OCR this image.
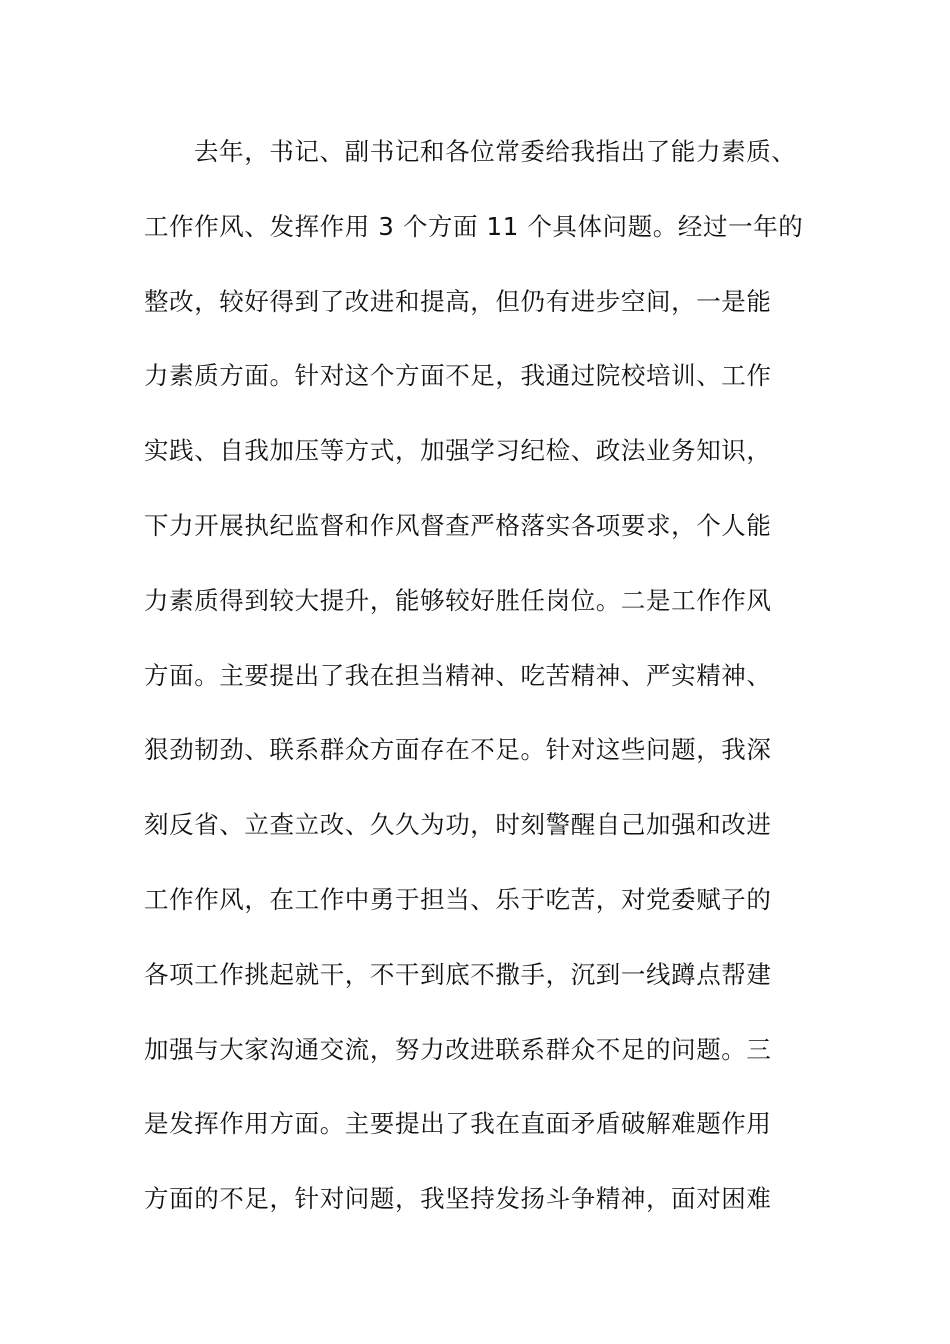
去年，书记、副书记和各位常委给我指出了能力素质、
工作作风、发挥作用 3 个方面 11 个具体问题。经过一年的
整改，较好得到了改进和提高，但仍有进步空间，一是能
力素质方面。针对这个方面不足，我通过院校培训、工作
实践、自我加压等方式，加强学习纪检、政法业务知识，
下力开展执纪监督和作风督查严格落实各项要求，个人能
力素质得到较大提升，能够较好胜任岗位。二是工作作风
方面。主要提出了我在担当精神、吃苦精神、严实精神、
狠劲韧劲、联系群众方面存在不足。针对这些问题，我深
刻反省、立查立改、久久为功，时刻警醒自己加强和改进
工作作风，在工作中勇于担当、乐于吃苦，对党委赋子的
各项工作挑起就干，不干到底不撒手，沉到一线蹲点帮建
加强与大家沟通交流，努力改进联系群众不足的问题。三
是发挥作用方面。主要提出了我在直面矛盾破解难题作用
方面的不足，针对问题，我坚持发扬斗争精神，面对困难
